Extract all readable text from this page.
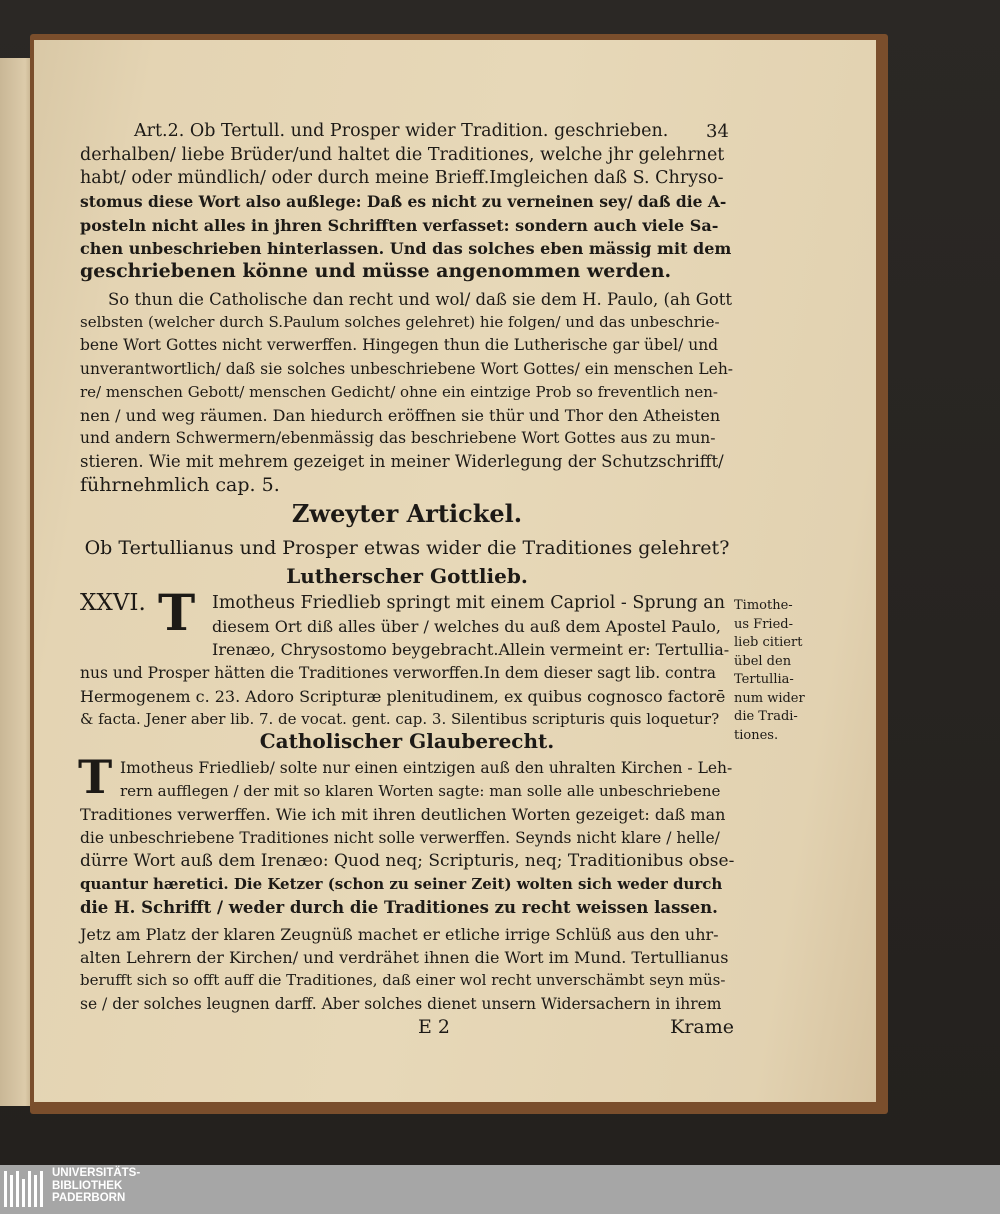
Art.2. Ob Tertull. und Prosper wider Tradition. geschrieben.	34
derhalben/ liebe Brüder/und haltet die Traditiones, welche jhr gelehrnet
habt/ oder mündlich/ oder durch meine Brieff.Imgleichen daß S. Chryso-
stomus diese Wort also außlege: Daß es nicht zu verneinen sey/ daß die A-
posteln nicht alles in jhren Schrifften verfasset: sondern auch viele Sa-
chen unbeschrieben hinterlassen. Und das solches eben mässig mit dem
geschriebenen könne und müsse angenommen werden.
So thun die Catholische dan recht und wol/ daß sie dem H. Paulo, (ah Gott
selbsten (welcher durch S.Paulum solches gelehret) hie folgen/ und das unbeschrie-
bene Wort Gottes nicht verwerffen. Hingegen thun die Lutherische gar übel/ und
unverantwortlich/ daß sie solches unbeschriebene Wort Gottes/ ein menschen Leh-
re/ menschen Gebott/ menschen Gedicht/ ohne ein eintzige Prob so freventlich nen-
nen / und weg räumen. Dan hiedurch eröffnen sie thür und Thor den Atheisten
und andern Schwermern/ebenmässig das beschriebene Wort Gottes aus zu mun-
stieren. Wie mit mehrem gezeiget in meiner Widerlegung der Schutzschrifft/
führnehmlich cap. 5.
Zweyter Artickel.
Ob Tertullianus und Prosper etwas wider die Traditiones gelehret?
Lutherscher Gottlieb.
XXVI. T Imotheus Friedlieb springt mit einem Capriol - Sprung an
diesem Ort diß alles über / welches du auß dem Apostel Paulo,
Irenæo, Chrysostomo beygebracht.Allein vermeint er: Tertullia-
nus und Prosper hätten die Traditiones verworffen.In dem dieser sagt lib. contra
Hermogenem c. 23. Adoro Scripturæ plenitudinem, ex quibus cognosco factorē
& facta. Jener aber lib. 7. de vocat. gent. cap. 3. Silentibus scripturis quis loquetur?
Catholischer Glauberecht.
T Imotheus Friedlieb/ solte nur einen eintzigen auß den uhralten Kirchen - Leh-
rern aufflegen / der mit so klaren Worten sagte: man solle alle unbeschriebene
Traditiones verwerffen. Wie ich mit ihren deutlichen Worten gezeiget: daß man
die unbeschriebene Traditiones nicht solle verwerffen. Seynds nicht klare / helle/
dürre Wort auß dem Irenæo: Quod neq; Scripturis, neq; Traditionibus obse-
quantur hæretici. Die Ketzer (schon zu seiner Zeit) wolten sich weder durch
die H. Schrifft / weder durch die Traditiones zu recht weissen lassen.
Jetz am Platz der klaren Zeugnüß machet er etliche irrige Schlüß aus den uhr-
alten Lehrern der Kirchen/ und verdrähet ihnen die Wort im Mund. Tertullianus
berufft sich so offt auff die Traditiones, daß einer wol recht unverschämbt seyn müs-
se / der solches leugnen darff. Aber solches dienet unsern Widersachern in ihrem
E 2	Krame
Timothe-
us Fried-
lieb citiert
übel den
Tertullia-
num wider
die Tradi-
tiones.
UNIVERSITÄTS-
BIBLIOTHEK
PADERBORN
